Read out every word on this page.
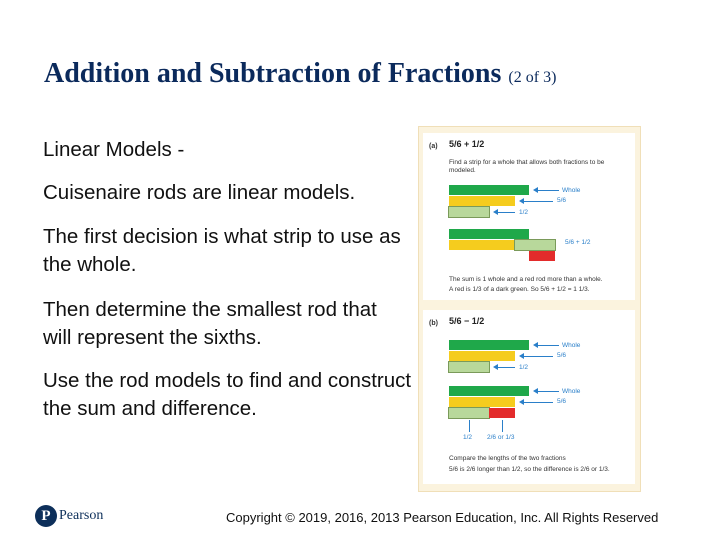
Addition and Subtraction of Fractions (2 of 3)
Linear Models -
Cuisenaire rods are linear models.
The first decision is what strip to use as the whole.
Then determine the smallest rod that will represent the sixths.
Use the rod models to find and construct the sum and difference.
(a) 5/6 + 1/2
Find a strip for a whole that allows both fractions to be modeled.
Whole
5/6
1/2
5/6 + 1/2
The sum is 1 whole and a red rod more than a whole.
A red is 1/3 of a dark green. So 5/6 + 1/2 = 1 1/3.
(b) 5/6 − 1/2
Whole
5/6
1/2
Whole
5/6
1/2 2/6 or 1/3
Compare the lengths of the two fractions
5/6 is 2/6 longer than 1/2, so the difference is 2/6 or 1/3.
P Pearson	Copyright © 2019, 2016, 2013 Pearson Education, Inc. All Rights Reserved
